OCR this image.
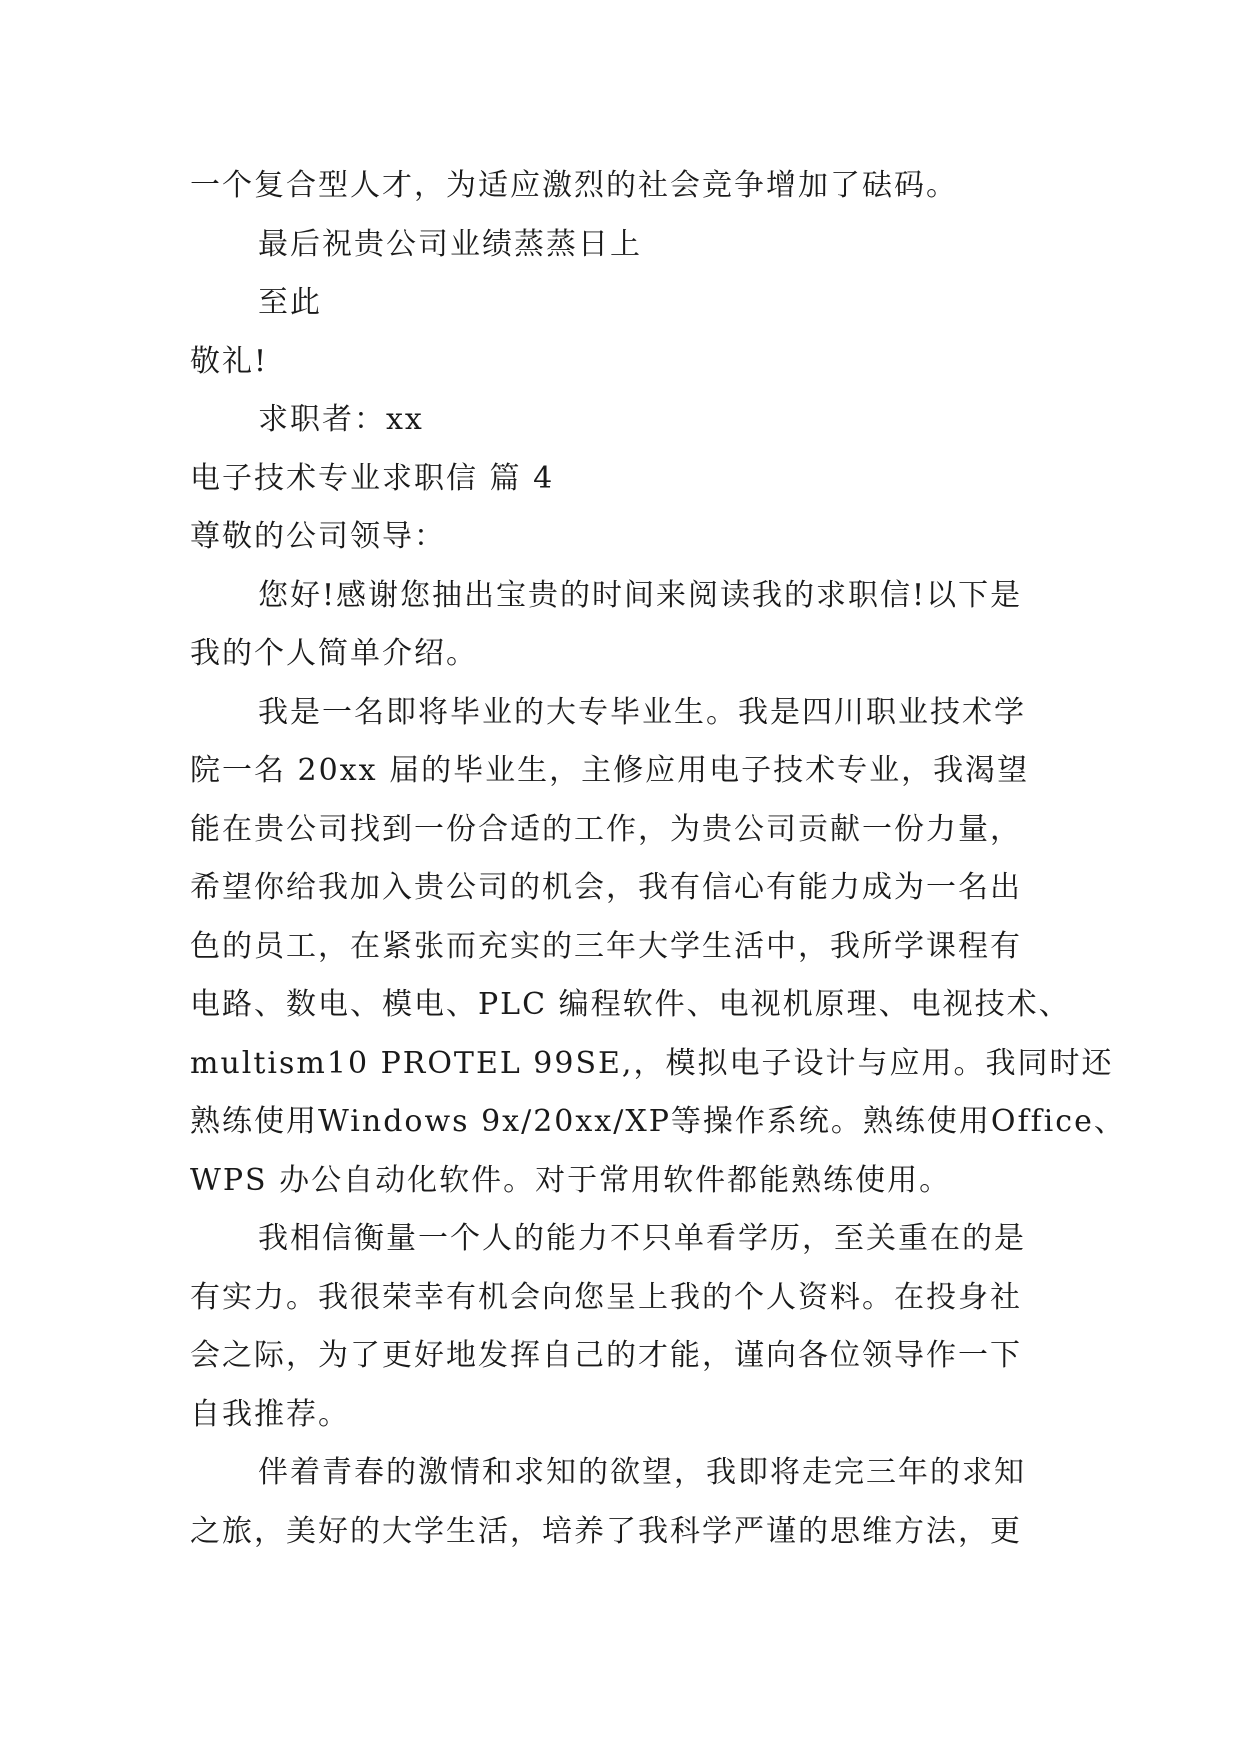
一个复合型人才，为适应激烈的社会竞争增加了砝码。
最后祝贵公司业绩蒸蒸日上
至此
敬礼!
求职者：xx
电子技术专业求职信 篇 4
尊敬的公司领导：
您好!感谢您抽出宝贵的时间来阅读我的求职信!以下是
我的个人简单介绍。
我是一名即将毕业的大专毕业生。我是四川职业技术学
院一名 20xx 届的毕业生，主修应用电子技术专业，我渴望
能在贵公司找到一份合适的工作，为贵公司贡献一份力量，
希望你给我加入贵公司的机会，我有信心有能力成为一名出
色的员工，在紧张而充实的三年大学生活中，我所学课程有
电路、数电、模电、PLC 编程软件、电视机原理、电视技术、
multism10 PROTEL 99SE,，模拟电子设计与应用。我同时还
熟练使用Windows 9x/20xx/XP等操作系统。熟练使用Office、
WPS 办公自动化软件。对于常用软件都能熟练使用。
我相信衡量一个人的能力不只单看学历，至关重在的是
有实力。我很荣幸有机会向您呈上我的个人资料。在投身社
会之际，为了更好地发挥自己的才能，谨向各位领导作一下
自我推荐。
伴着青春的激情和求知的欲望，我即将走完三年的求知
之旅，美好的大学生活，培养了我科学严谨的思维方法，更
